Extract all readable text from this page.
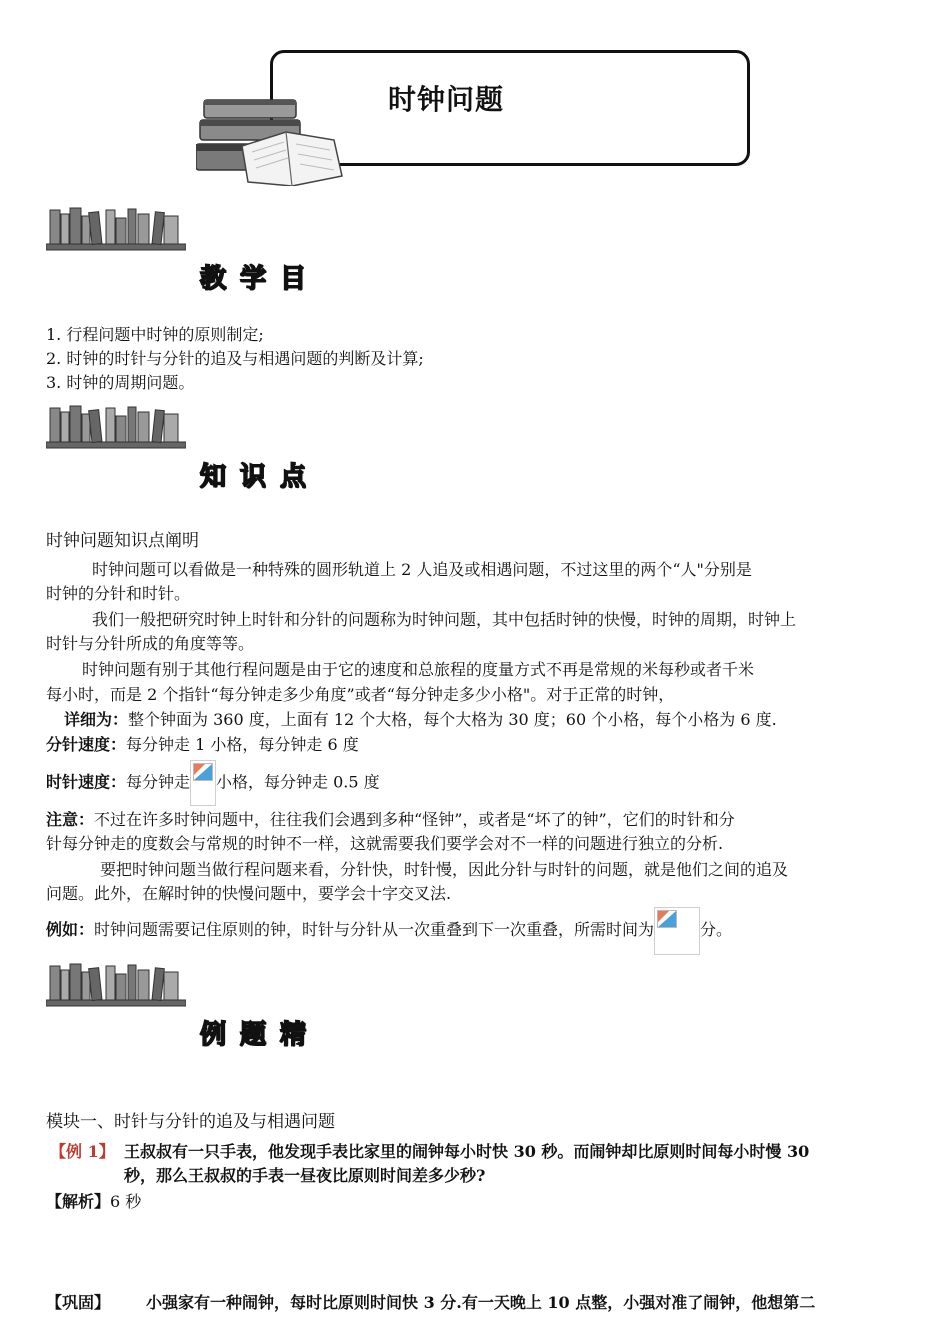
时钟问题
教学目
1. 行程问题中时钟的原则制定;
2. 时钟的时针与分针的追及与相遇问题的判断及计算;
3. 时钟的周期问题。
知识点
时钟问题知识点阐明
时钟问题可以看做是一种特殊的圆形轨道上 2 人追及或相遇问题，不过这里的两个“人"分别是
时钟的分针和时针。
我们一般把研究时钟上时针和分针的问题称为时钟问题，其中包括时钟的快慢，时钟的周期，时钟上
时针与分针所成的角度等等。
时钟问题有别于其他行程问题是由于它的速度和总旅程的度量方式不再是常规的米每秒或者千米
每小时，而是 2 个指针“每分钟走多少角度”或者“每分钟走多少小格"。对于正常的时钟，
详细为：整个钟面为 360 度，上面有 12 个大格，每个大格为 30 度；60 个小格，每个小格为 6 度.
分针速度：每分钟走 1 小格，每分钟走 6 度
时针速度：每分钟走 小格，每分钟走 0.5 度
注意：不过在许多时钟问题中，往往我们会遇到多种“怪钟”，或者是“坏了的钟”，它们的时针和分
针每分钟走的度数会与常规的时钟不一样，这就需要我们要学会对不一样的问题进行独立的分析.
要把时钟问题当做行程问题来看，分针快，时针慢，因此分针与时针的问题，就是他们之间的追及
问题。此外，在解时钟的快慢问题中，要学会十字交叉法.
例如：时钟问题需要记住原则的钟，时针与分针从一次重叠到下一次重叠，所需时间为	分。
例题精
模块一、时针与分针的追及与相遇问题
【例 1】 王叔叔有一只手表，他发现手表比家里的闹钟每小时快 30 秒。而闹钟却比原则时间每小时慢 30
秒，那么王叔叔的手表一昼夜比原则时间差多少秒?
【解析】6 秒
【巩固】 小强家有一种闹钟，每时比原则时间快 3 分.有一天晚上 10 点整，小强对准了闹钟，他想第二
